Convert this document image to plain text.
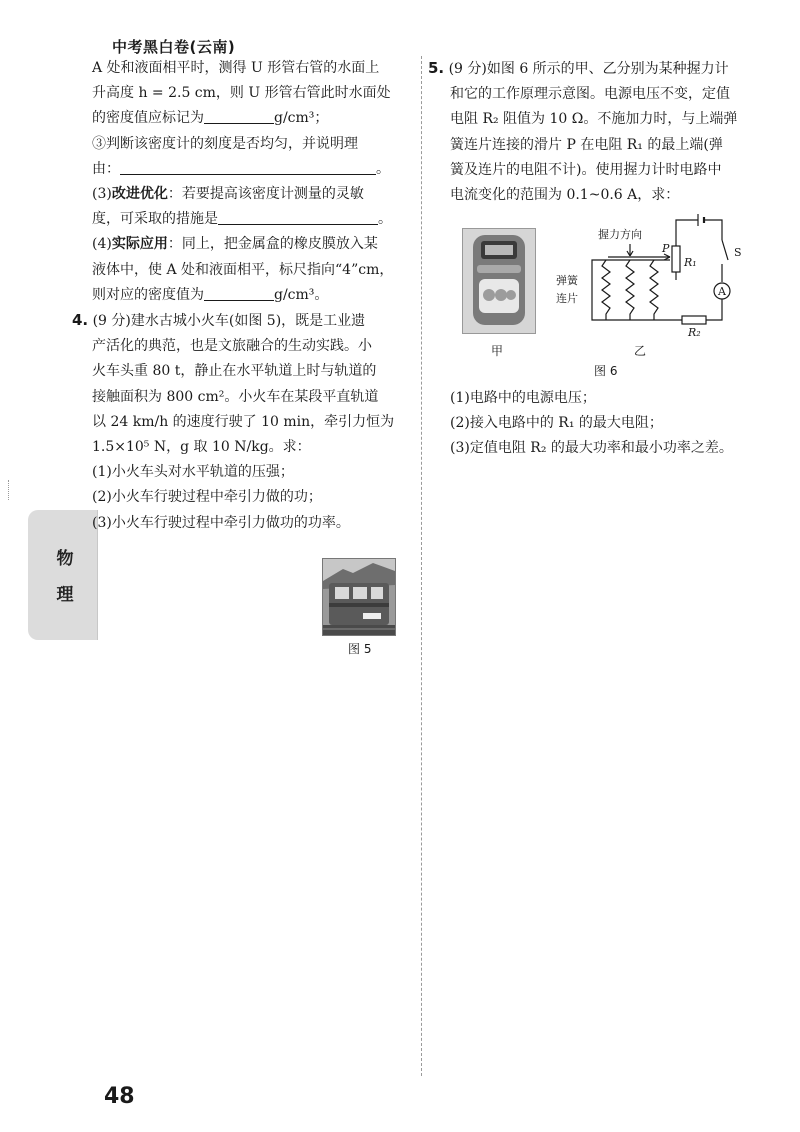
中考黑白卷(云南)
物
理
A 处和液面相平时，测得 U 形管右管的水面上
升高度 h = 2.5 cm，则 U 形管右管此时水面处
的密度值应标记为	g/cm³；
③判断该密度计的刻度是否均匀，并说明理
由：	。
(3)改进优化：若要提高该密度计测量的灵敏
度，可采取的措施是	。
(4)实际应用：同上，把金属盒的橡皮膜放入某
液体中，使 A 处和液面相平，标尺指向“4”cm，
则对应的密度值为	g/cm³。
4. (9 分)建水古城小火车(如图 5)，既是工业遗
产活化的典范，也是文旅融合的生动实践。小
火车头重 80 t，静止在水平轨道上时与轨道的
接触面积为 800 cm²。小火车在某段平直轨道
以 24 km/h 的速度行驶了 10 min，牵引力恒为
1.5×10⁵ N，g 取 10 N/kg。求：
(1)小火车头对水平轨道的压强；
(2)小火车行驶过程中牵引力做的功；
(3)小火车行驶过程中牵引力做功的功率。
图 5
5. (9 分)如图 6 所示的甲、乙分别为某种握力计
和它的工作原理示意图。电源电压不变，定值
电阻 R₂ 阻值为 10 Ω。不施加力时，与上端弹
簧连片连接的滑片 P 在电阻 R₁ 的最上端(弹
簧及连片的电阻不计)。使用握力计时电路中
电流变化的范围为 0.1~0.6 A，求：
甲
握力方向
P
R₁
S
A
弹簧
连片
R₂
乙
图 6
(1)电路中的电源电压；
(2)接入电路中的 R₁ 的最大电阻；
(3)定值电阻 R₂ 的最大功率和最小功率之差。
48
